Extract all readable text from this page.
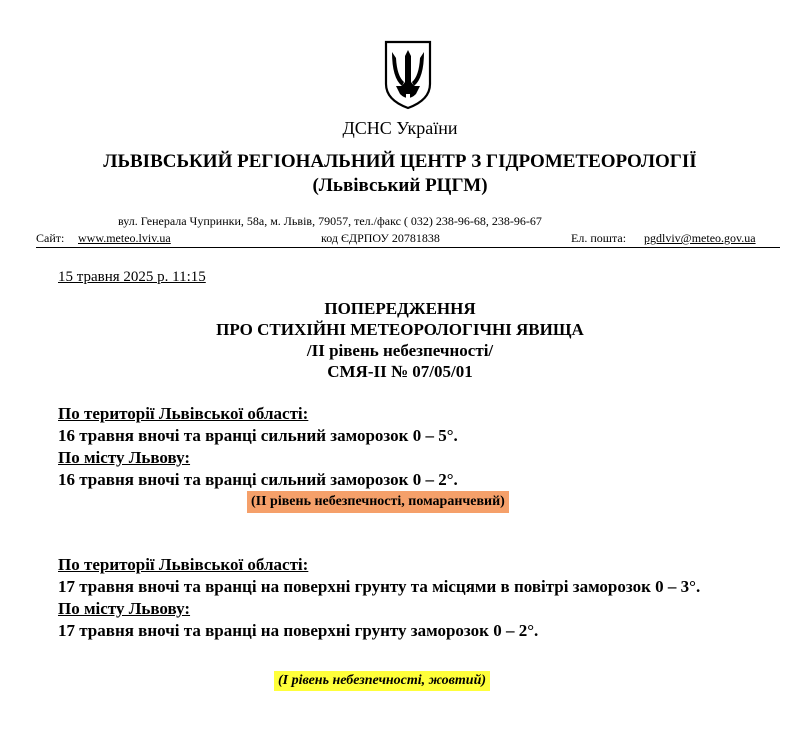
ДСНС України
ЛЬВІВСЬКИЙ РЕГІОНАЛЬНИЙ ЦЕНТР З ГІДРОМЕТЕОРОЛОГІЇ
(Львівський РЦГМ)
вул. Генерала Чупринки, 58а, м. Львів, 79057, тел./факс ( 032) 238-96-68, 238-96-67
Сайт: www.meteo.lviv.ua	код ЄДРПОУ 20781838	Ел. пошта: pgdlviv@meteo.gov.ua
15 травня 2025 р. 11:15
ПОПЕРЕДЖЕННЯ
ПРО СТИХІЙНІ МЕТЕОРОЛОГІЧНІ ЯВИЩА
/ІІ рівень небезпечності/
СМЯ-ІІ № 07/05/01
По території Львівської області:
16 травня вночі та вранці сильний заморозок 0 – 5°.
По місту Львову:
16 травня вночі та вранці сильний заморозок 0 – 2°.
(ІІ рівень небезпечності, помаранчевий)
По території Львівської області:
17 травня вночі та вранці на поверхні грунту та місцями в повітрі заморозок 0 – 3°.
По місту Львову:
17 травня вночі та вранці на поверхні грунту заморозок 0 – 2°.
(І рівень небезпечності, жовтий)
